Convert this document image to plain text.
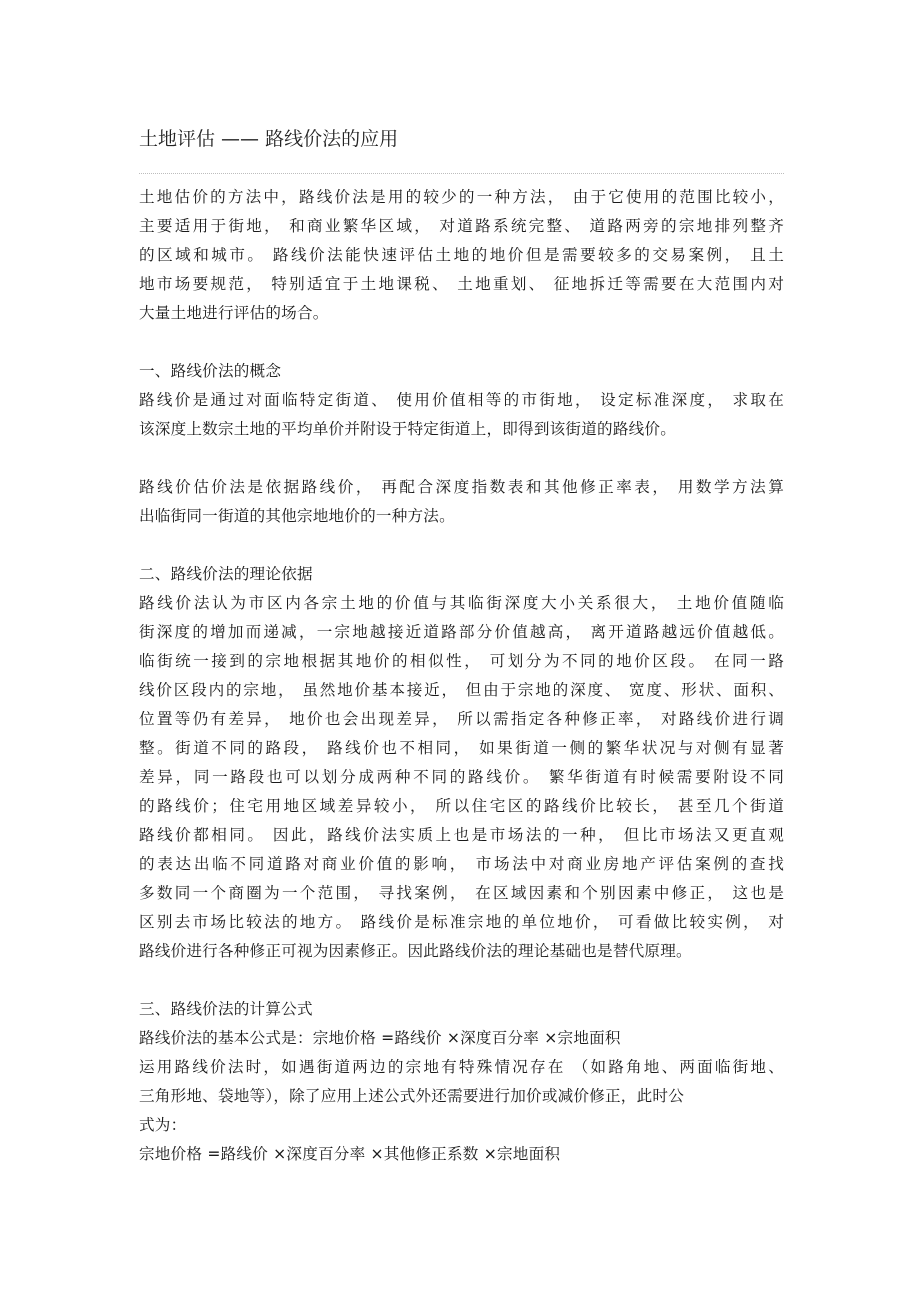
土地评估 —— 路线价法的应用
土地估价的方法中，路线价法是用的较少的一种方法， 由于它使用的范围比较小，
主要适用于街地， 和商业繁华区域， 对道路系统完整、 道路两旁的宗地排列整齐
的区域和城市。 路线价法能快速评估土地的地价但是需要较多的交易案例， 且土
地市场要规范， 特别适宜于土地课税、 土地重划、 征地拆迁等需要在大范围内对
大量土地进行评估的场合。
一、路线价法的概念
路线价是通过对面临特定街道、 使用价值相等的市街地， 设定标准深度， 求取在
该深度上数宗土地的平均单价并附设于特定街道上，即得到该街道的路线价。
路线价估价法是依据路线价， 再配合深度指数表和其他修正率表， 用数学方法算
出临街同一街道的其他宗地地价的一种方法。
二、路线价法的理论依据
路线价法认为市区内各宗土地的价值与其临街深度大小关系很大， 土地价值随临
街深度的增加而递减，一宗地越接近道路部分价值越高， 离开道路越远价值越低。
临街统一接到的宗地根据其地价的相似性， 可划分为不同的地价区段。 在同一路
线价区段内的宗地， 虽然地价基本接近， 但由于宗地的深度、 宽度、形状、面积、
位置等仍有差异， 地价也会出现差异， 所以需指定各种修正率， 对路线价进行调
整。街道不同的路段， 路线价也不相同， 如果街道一侧的繁华状况与对侧有显著
差异，同一路段也可以划分成两种不同的路线价。 繁华街道有时候需要附设不同
的路线价；住宅用地区域差异较小， 所以住宅区的路线价比较长， 甚至几个街道
路线价都相同。 因此，路线价法实质上也是市场法的一种， 但比市场法又更直观
的表达出临不同道路对商业价值的影响， 市场法中对商业房地产评估案例的查找
多数同一个商圈为一个范围， 寻找案例， 在区域因素和个别因素中修正， 这也是
区别去市场比较法的地方。 路线价是标准宗地的单位地价， 可看做比较实例， 对
路线价进行各种修正可视为因素修正。因此路线价法的理论基础也是替代原理。
三、路线价法的计算公式
路线价法的基本公式是：宗地价格 =路线价 ×深度百分率 ×宗地面积
运用路线价法时，如遇街道两边的宗地有特殊情况存在 （如路角地、两面临街地、
三角形地、袋地等），除了应用上述公式外还需要进行加价或减价修正，此时公
式为：
宗地价格 =路线价 ×深度百分率 ×其他修正系数 ×宗地面积
